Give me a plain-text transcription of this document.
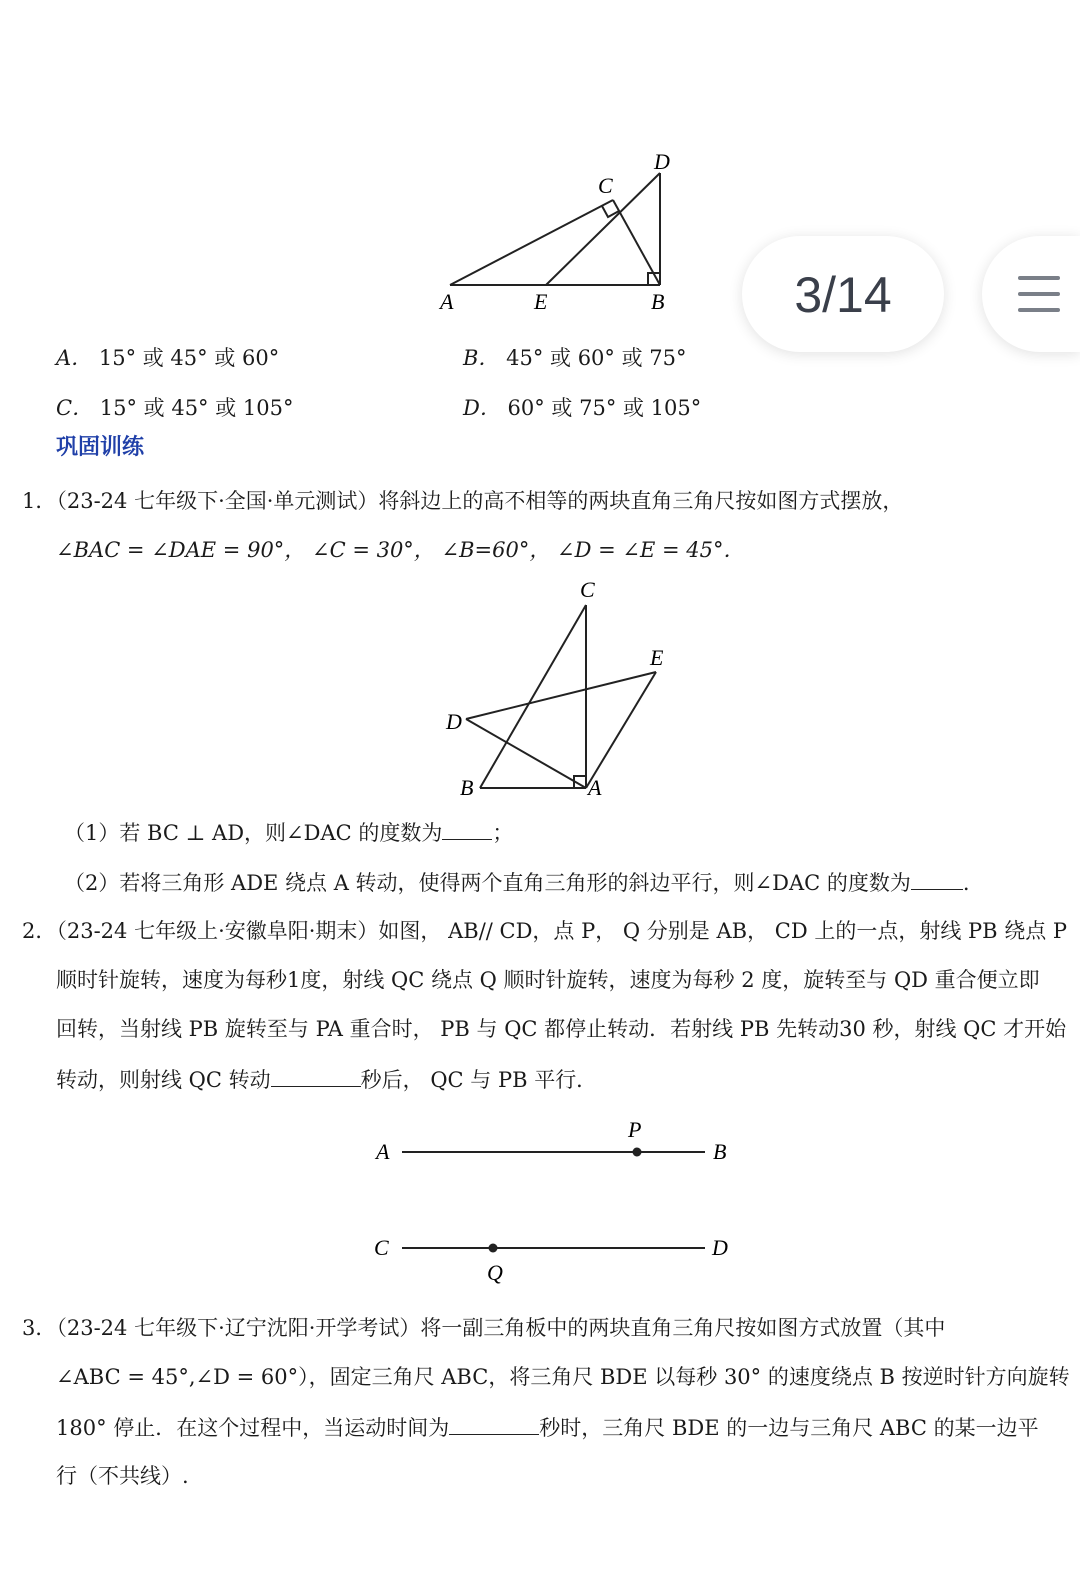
A	E	B
C
D
3/14
A． 15° 或 45° 或 60°	B． 45° 或 60° 或 75°
C． 15° 或 45° 或 105°	D． 60° 或 75° 或 105°
巩固训练
1．（23-24 七年级下·全国·单元测试）将斜边上的高不相等的两块直角三角尺按如图方式摆放，
∠BAC = ∠DAE = 90°， ∠C = 30°， ∠B=60°， ∠D = ∠E = 45°．
C
E
D
B	A
（1）若 BC ⊥ AD，则∠DAC 的度数为 ；
（2）若将三角形 ADE 绕点 A 转动，使得两个直角三角形的斜边平行，则∠DAC 的度数为 .
2．（23-24 七年级上·安徽阜阳·期末）如图， AB// CD，点 P， Q 分别是 AB， CD 上的一点，射线 PB 绕点 P
顺时针旋转，速度为每秒1度，射线 QC 绕点 Q 顺时针旋转，速度为每秒 2 度，旋转至与 QD 重合便立即
回转，当射线 PB 旋转至与 PA 重合时， PB 与 QC 都停止转动．若射线 PB 先转动30 秒，射线 QC 才开始
转动，则射线 QC 转动	秒后， QC 与 PB 平行．
A	B
P
C	D
Q
3．（23-24 七年级下·辽宁沈阳·开学考试）将一副三角板中的两块直角三角尺按如图方式放置（其中
∠ABC = 45°,∠D = 60°），固定三角尺 ABC，将三角尺 BDE 以每秒 30° 的速度绕点 B 按逆时针方向旋转
180° 停止．在这个过程中，当运动时间为	秒时，三角尺 BDE 的一边与三角尺 ABC 的某一边平
行（不共线）.
